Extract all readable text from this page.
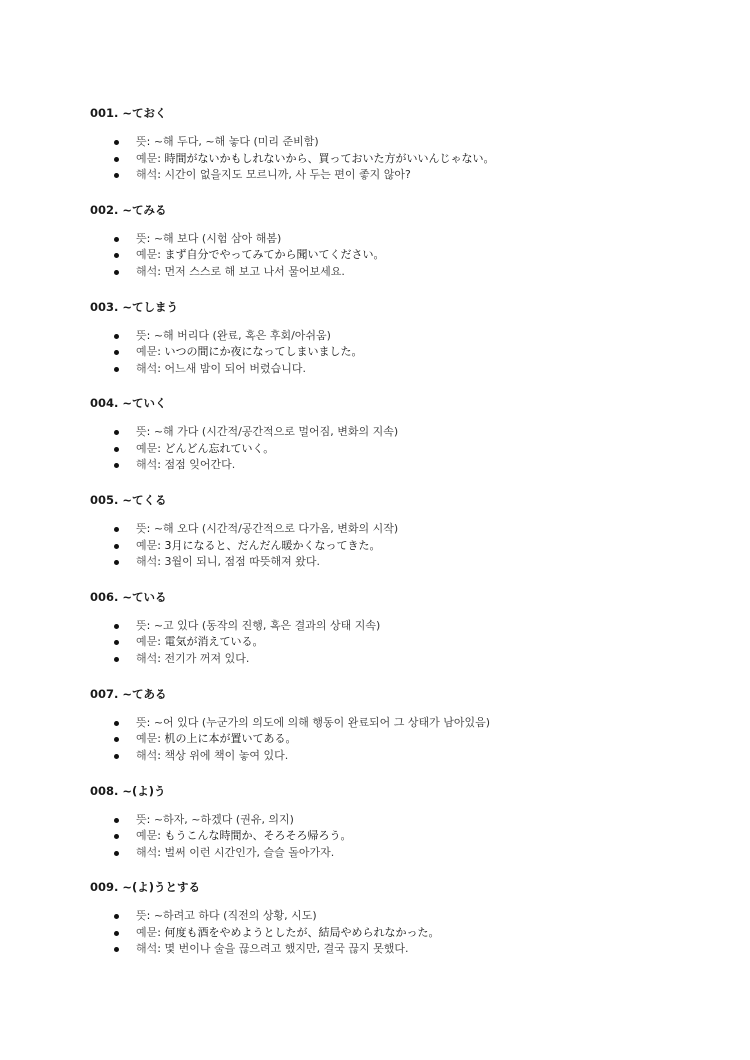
001. ~ておく
뜻: ~해 두다, ~해 놓다 (미리 준비함)
예문: 時間がないかもしれないから、買っておいた方がいいんじゃない。
해석: 시간이 없을지도 모르니까, 사 두는 편이 좋지 않아?
002. ~てみる
뜻: ~해 보다 (시험 삼아 해봄)
예문: まず自分でやってみてから聞いてください。
해석: 먼저 스스로 해 보고 나서 물어보세요.
003. ~てしまう
뜻: ~해 버리다 (완료, 혹은 후회/아쉬움)
예문: いつの間にか夜になってしまいました。
해석: 어느새 밤이 되어 버렸습니다.
004. ~ていく
뜻: ~해 가다 (시간적/공간적으로 멀어짐, 변화의 지속)
예문: どんどん忘れていく。
해석: 점점 잊어간다.
005. ~てくる
뜻: ~해 오다 (시간적/공간적으로 다가옴, 변화의 시작)
예문: 3月になると、だんだん暖かくなってきた。
해석: 3월이 되니, 점점 따뜻해져 왔다.
006. ~ている
뜻: ~고 있다 (동작의 진행, 혹은 결과의 상태 지속)
예문: 電気が消えている。
해석: 전기가 꺼져 있다.
007. ~てある
뜻: ~어 있다 (누군가의 의도에 의해 행동이 완료되어 그 상태가 남아있음)
예문: 机の上に本が置いてある。
해석: 책상 위에 책이 놓여 있다.
008. ~(よ)う
뜻: ~하자, ~하겠다 (권유, 의지)
예문: もうこんな時間か、そろそろ帰ろう。
해석: 벌써 이런 시간인가, 슬슬 돌아가자.
009. ~(よ)うとする
뜻: ~하려고 하다 (직전의 상황, 시도)
예문: 何度も酒をやめようとしたが、結局やめられなかった。
해석: 몇 번이나 술을 끊으려고 했지만, 결국 끊지 못했다.
